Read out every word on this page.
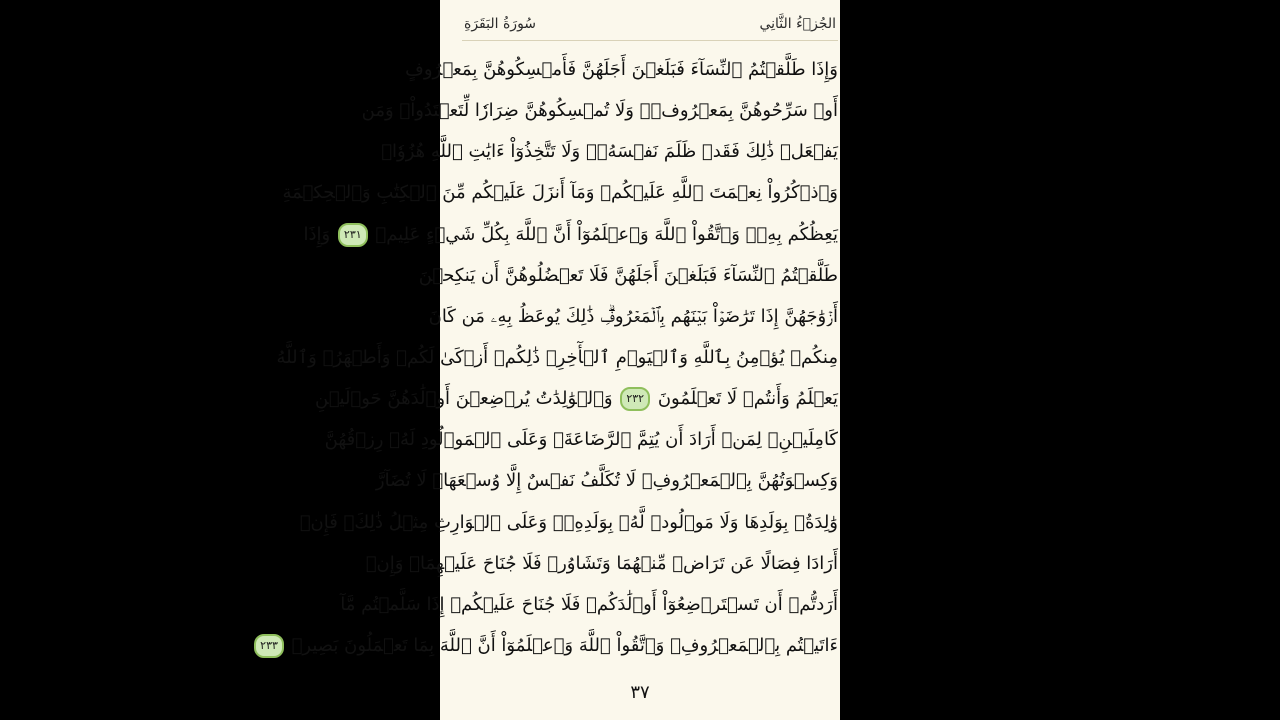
الجُزۡءُ الثَّانِي
سُورَةُ البَقَرَةِ
وَإِذَا طَلَّقۡتُمُ ٱلنِّسَآءَ فَبَلَغۡنَ أَجَلَهُنَّ فَأَمۡسِكُوهُنَّ بِمَعۡرُوفٍ
أَوۡ سَرِّحُوهُنَّ بِمَعۡرُوفٖۚ وَلَا تُمۡسِكُوهُنَّ ضِرَارٗا لِّتَعۡتَدُواْۚ وَمَن
يَفۡعَلۡ ذَٰلِكَ فَقَدۡ ظَلَمَ نَفۡسَهُۥۚ وَلَا تَتَّخِذُوٓاْ ءَايَٰتِ ٱللَّهِ هُزُوٗاۚ
وَٱذۡكُرُواْ نِعۡمَتَ ٱللَّهِ عَلَيۡكُمۡ وَمَآ أَنزَلَ عَلَيۡكُم مِّنَ ٱلۡكِتَٰبِ وَٱلۡحِكۡمَةِ
يَعِظُكُم بِهِۦۚ وَٱتَّقُواْ ٱللَّهَ وَٱعۡلَمُوٓاْ أَنَّ ٱللَّهَ بِكُلِّ شَيۡءٍ عَلِيمٞ ٢٣١ وَإِذَا
طَلَّقۡتُمُ ٱلنِّسَآءَ فَبَلَغۡنَ أَجَلَهُنَّ فَلَا تَعۡضُلُوهُنَّ أَن يَنكِحۡنَ
أَزۡوَٰجَهُنَّ إِذَا تَرَٰضَوۡاْ بَيۡنَهُم بِٱلۡمَعۡرُوفِۗ ذَٰلِكَ يُوعَظُ بِهِۦ مَن كَانَ
مِنكُمۡ يُؤۡمِنُ بِٱللَّهِ وَٱلۡيَوۡمِ ٱلۡأٓخِرِۗ ذَٰلِكُمۡ أَزۡكَىٰ لَكُمۡ وَأَطۡهَرُۚ وَٱللَّهُ
يَعۡلَمُ وَأَنتُمۡ لَا تَعۡلَمُونَ ٢٣٢ وَٱلۡوَٰلِدَٰتُ يُرۡضِعۡنَ أَوۡلَٰدَهُنَّ حَوۡلَيۡنِ
كَامِلَيۡنِۖ لِمَنۡ أَرَادَ أَن يُتِمَّ ٱلرَّضَاعَةَۚ وَعَلَى ٱلۡمَوۡلُودِ لَهُۥ رِزۡقُهُنَّ
وَكِسۡوَتُهُنَّ بِٱلۡمَعۡرُوفِۚ لَا تُكَلَّفُ نَفۡسٌ إِلَّا وُسۡعَهَاۚ لَا تُضَآرَّ
وَٰلِدَةُۢ بِوَلَدِهَا وَلَا مَوۡلُودٞ لَّهُۥ بِوَلَدِهِۦۚ وَعَلَى ٱلۡوَارِثِ مِثۡلُ ذَٰلِكَۗ فَإِنۡ
أَرَادَا فِصَالًا عَن تَرَاضٖ مِّنۡهُمَا وَتَشَاوُرٖ فَلَا جُنَاحَ عَلَيۡهِمَاۗ وَإِنۡ
أَرَدتُّمۡ أَن تَسۡتَرۡضِعُوٓاْ أَوۡلَٰدَكُمۡ فَلَا جُنَاحَ عَلَيۡكُمۡ إِذَا سَلَّمۡتُم مَّآ
ءَاتَيۡتُم بِٱلۡمَعۡرُوفِۗ وَٱتَّقُواْ ٱللَّهَ وَٱعۡلَمُوٓاْ أَنَّ ٱللَّهَ بِمَا تَعۡمَلُونَ بَصِيرٞ ٢٣٣
٣٧
